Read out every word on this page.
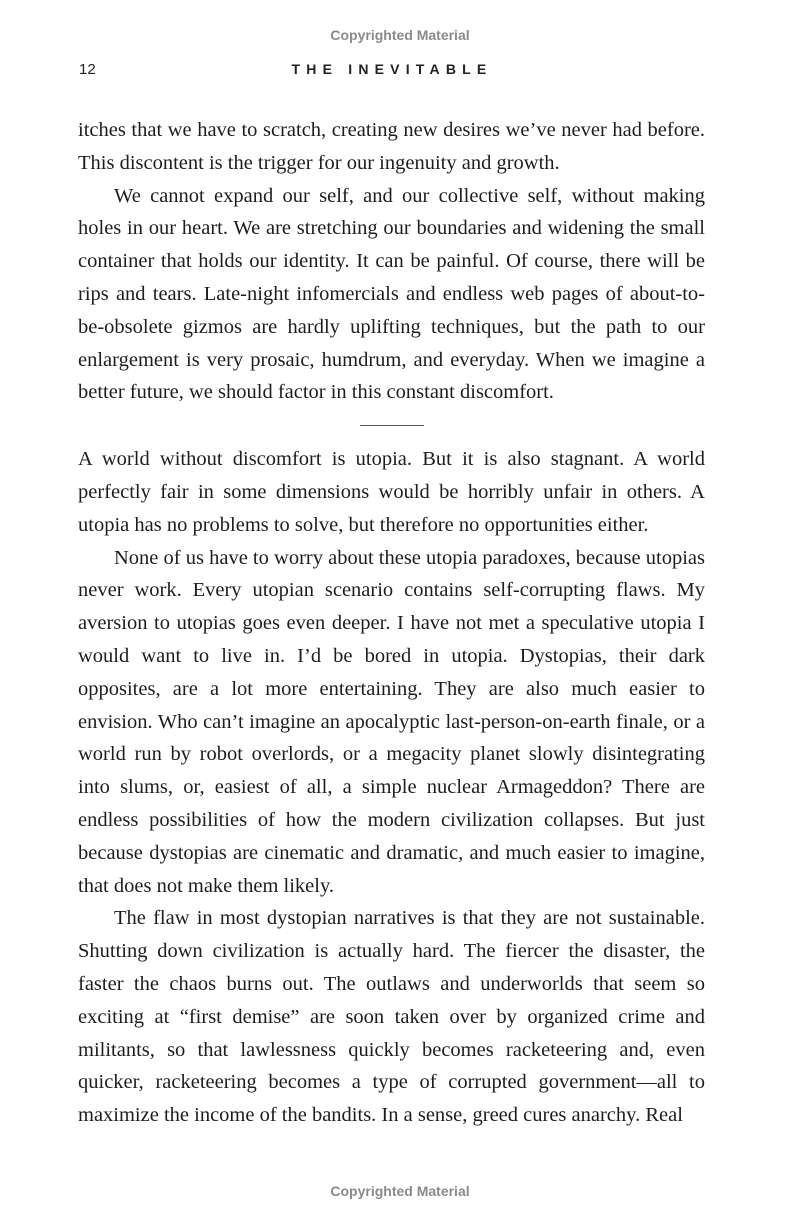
Copyrighted Material
12	THE INEVITABLE

itches that we have to scratch, creating new desires we’ve never had before. This discontent is the trigger for our ingenuity and growth.

We cannot expand our self, and our collective self, without making holes in our heart. We are stretching our boundaries and widening the small container that holds our identity. It can be painful. Of course, there will be rips and tears. Late-night infomercials and endless web pages of about-to-be-obsolete gizmos are hardly uplifting techniques, but the path to our enlargement is very prosaic, humdrum, and everyday. When we imagine a better future, we should factor in this constant discomfort.

A world without discomfort is utopia. But it is also stagnant. A world perfectly fair in some dimensions would be horribly unfair in others. A utopia has no problems to solve, but therefore no opportunities either.

None of us have to worry about these utopia paradoxes, because utopias never work. Every utopian scenario contains self-corrupting flaws. My aversion to utopias goes even deeper. I have not met a speculative utopia I would want to live in. I’d be bored in utopia. Dystopias, their dark opposites, are a lot more entertaining. They are also much easier to envision. Who can’t imagine an apocalyptic last-person-on-earth finale, or a world run by robot overlords, or a megacity planet slowly disintegrating into slums, or, easiest of all, a simple nuclear Armageddon? There are endless possibilities of how the modern civilization collapses. But just because dystopias are cinematic and dramatic, and much easier to imagine, that does not make them likely.

The flaw in most dystopian narratives is that they are not sustainable. Shutting down civilization is actually hard. The fiercer the disaster, the faster the chaos burns out. The outlaws and underworlds that seem so exciting at “first demise” are soon taken over by organized crime and militants, so that lawlessness quickly becomes racketeering and, even quicker, racketeering becomes a type of corrupted government—all to maximize the income of the bandits. In a sense, greed cures anarchy. Real

Copyrighted Material
